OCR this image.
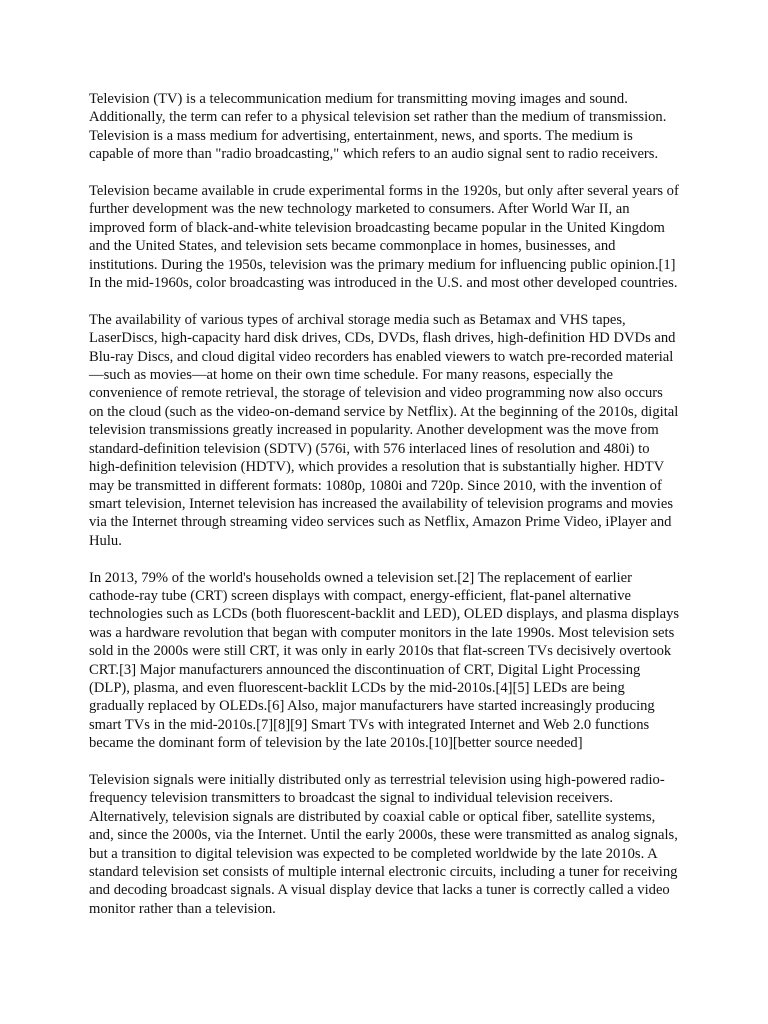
Television (TV) is a telecommunication medium for transmitting moving images and sound. Additionally, the term can refer to a physical television set rather than the medium of transmission. Television is a mass medium for advertising, entertainment, news, and sports. The medium is capable of more than "radio broadcasting," which refers to an audio signal sent to radio receivers.

Television became available in crude experimental forms in the 1920s, but only after several years of further development was the new technology marketed to consumers. After World War II, an improved form of black-and-white television broadcasting became popular in the United Kingdom and the United States, and television sets became commonplace in homes, businesses, and institutions. During the 1950s, television was the primary medium for influencing public opinion.[1] In the mid-1960s, color broadcasting was introduced in the U.S. and most other developed countries.

The availability of various types of archival storage media such as Betamax and VHS tapes, LaserDiscs, high-capacity hard disk drives, CDs, DVDs, flash drives, high-definition HD DVDs and Blu-ray Discs, and cloud digital video recorders has enabled viewers to watch pre-recorded material—such as movies—at home on their own time schedule. For many reasons, especially the convenience of remote retrieval, the storage of television and video programming now also occurs on the cloud (such as the video-on-demand service by Netflix). At the beginning of the 2010s, digital television transmissions greatly increased in popularity. Another development was the move from standard-definition television (SDTV) (576i, with 576 interlaced lines of resolution and 480i) to high-definition television (HDTV), which provides a resolution that is substantially higher. HDTV may be transmitted in different formats: 1080p, 1080i and 720p. Since 2010, with the invention of smart television, Internet television has increased the availability of television programs and movies via the Internet through streaming video services such as Netflix, Amazon Prime Video, iPlayer and Hulu.

In 2013, 79% of the world's households owned a television set.[2] The replacement of earlier cathode-ray tube (CRT) screen displays with compact, energy-efficient, flat-panel alternative technologies such as LCDs (both fluorescent-backlit and LED), OLED displays, and plasma displays was a hardware revolution that began with computer monitors in the late 1990s. Most television sets sold in the 2000s were still CRT, it was only in early 2010s that flat-screen TVs decisively overtook CRT.[3] Major manufacturers announced the discontinuation of CRT, Digital Light Processing (DLP), plasma, and even fluorescent-backlit LCDs by the mid-2010s.[4][5] LEDs are being gradually replaced by OLEDs.[6] Also, major manufacturers have started increasingly producing smart TVs in the mid-2010s.[7][8][9] Smart TVs with integrated Internet and Web 2.0 functions became the dominant form of television by the late 2010s.[10][better source needed]

Television signals were initially distributed only as terrestrial television using high-powered radio-frequency television transmitters to broadcast the signal to individual television receivers. Alternatively, television signals are distributed by coaxial cable or optical fiber, satellite systems, and, since the 2000s, via the Internet. Until the early 2000s, these were transmitted as analog signals, but a transition to digital television was expected to be completed worldwide by the late 2010s. A standard television set consists of multiple internal electronic circuits, including a tuner for receiving and decoding broadcast signals. A visual display device that lacks a tuner is correctly called a video monitor rather than a television.
